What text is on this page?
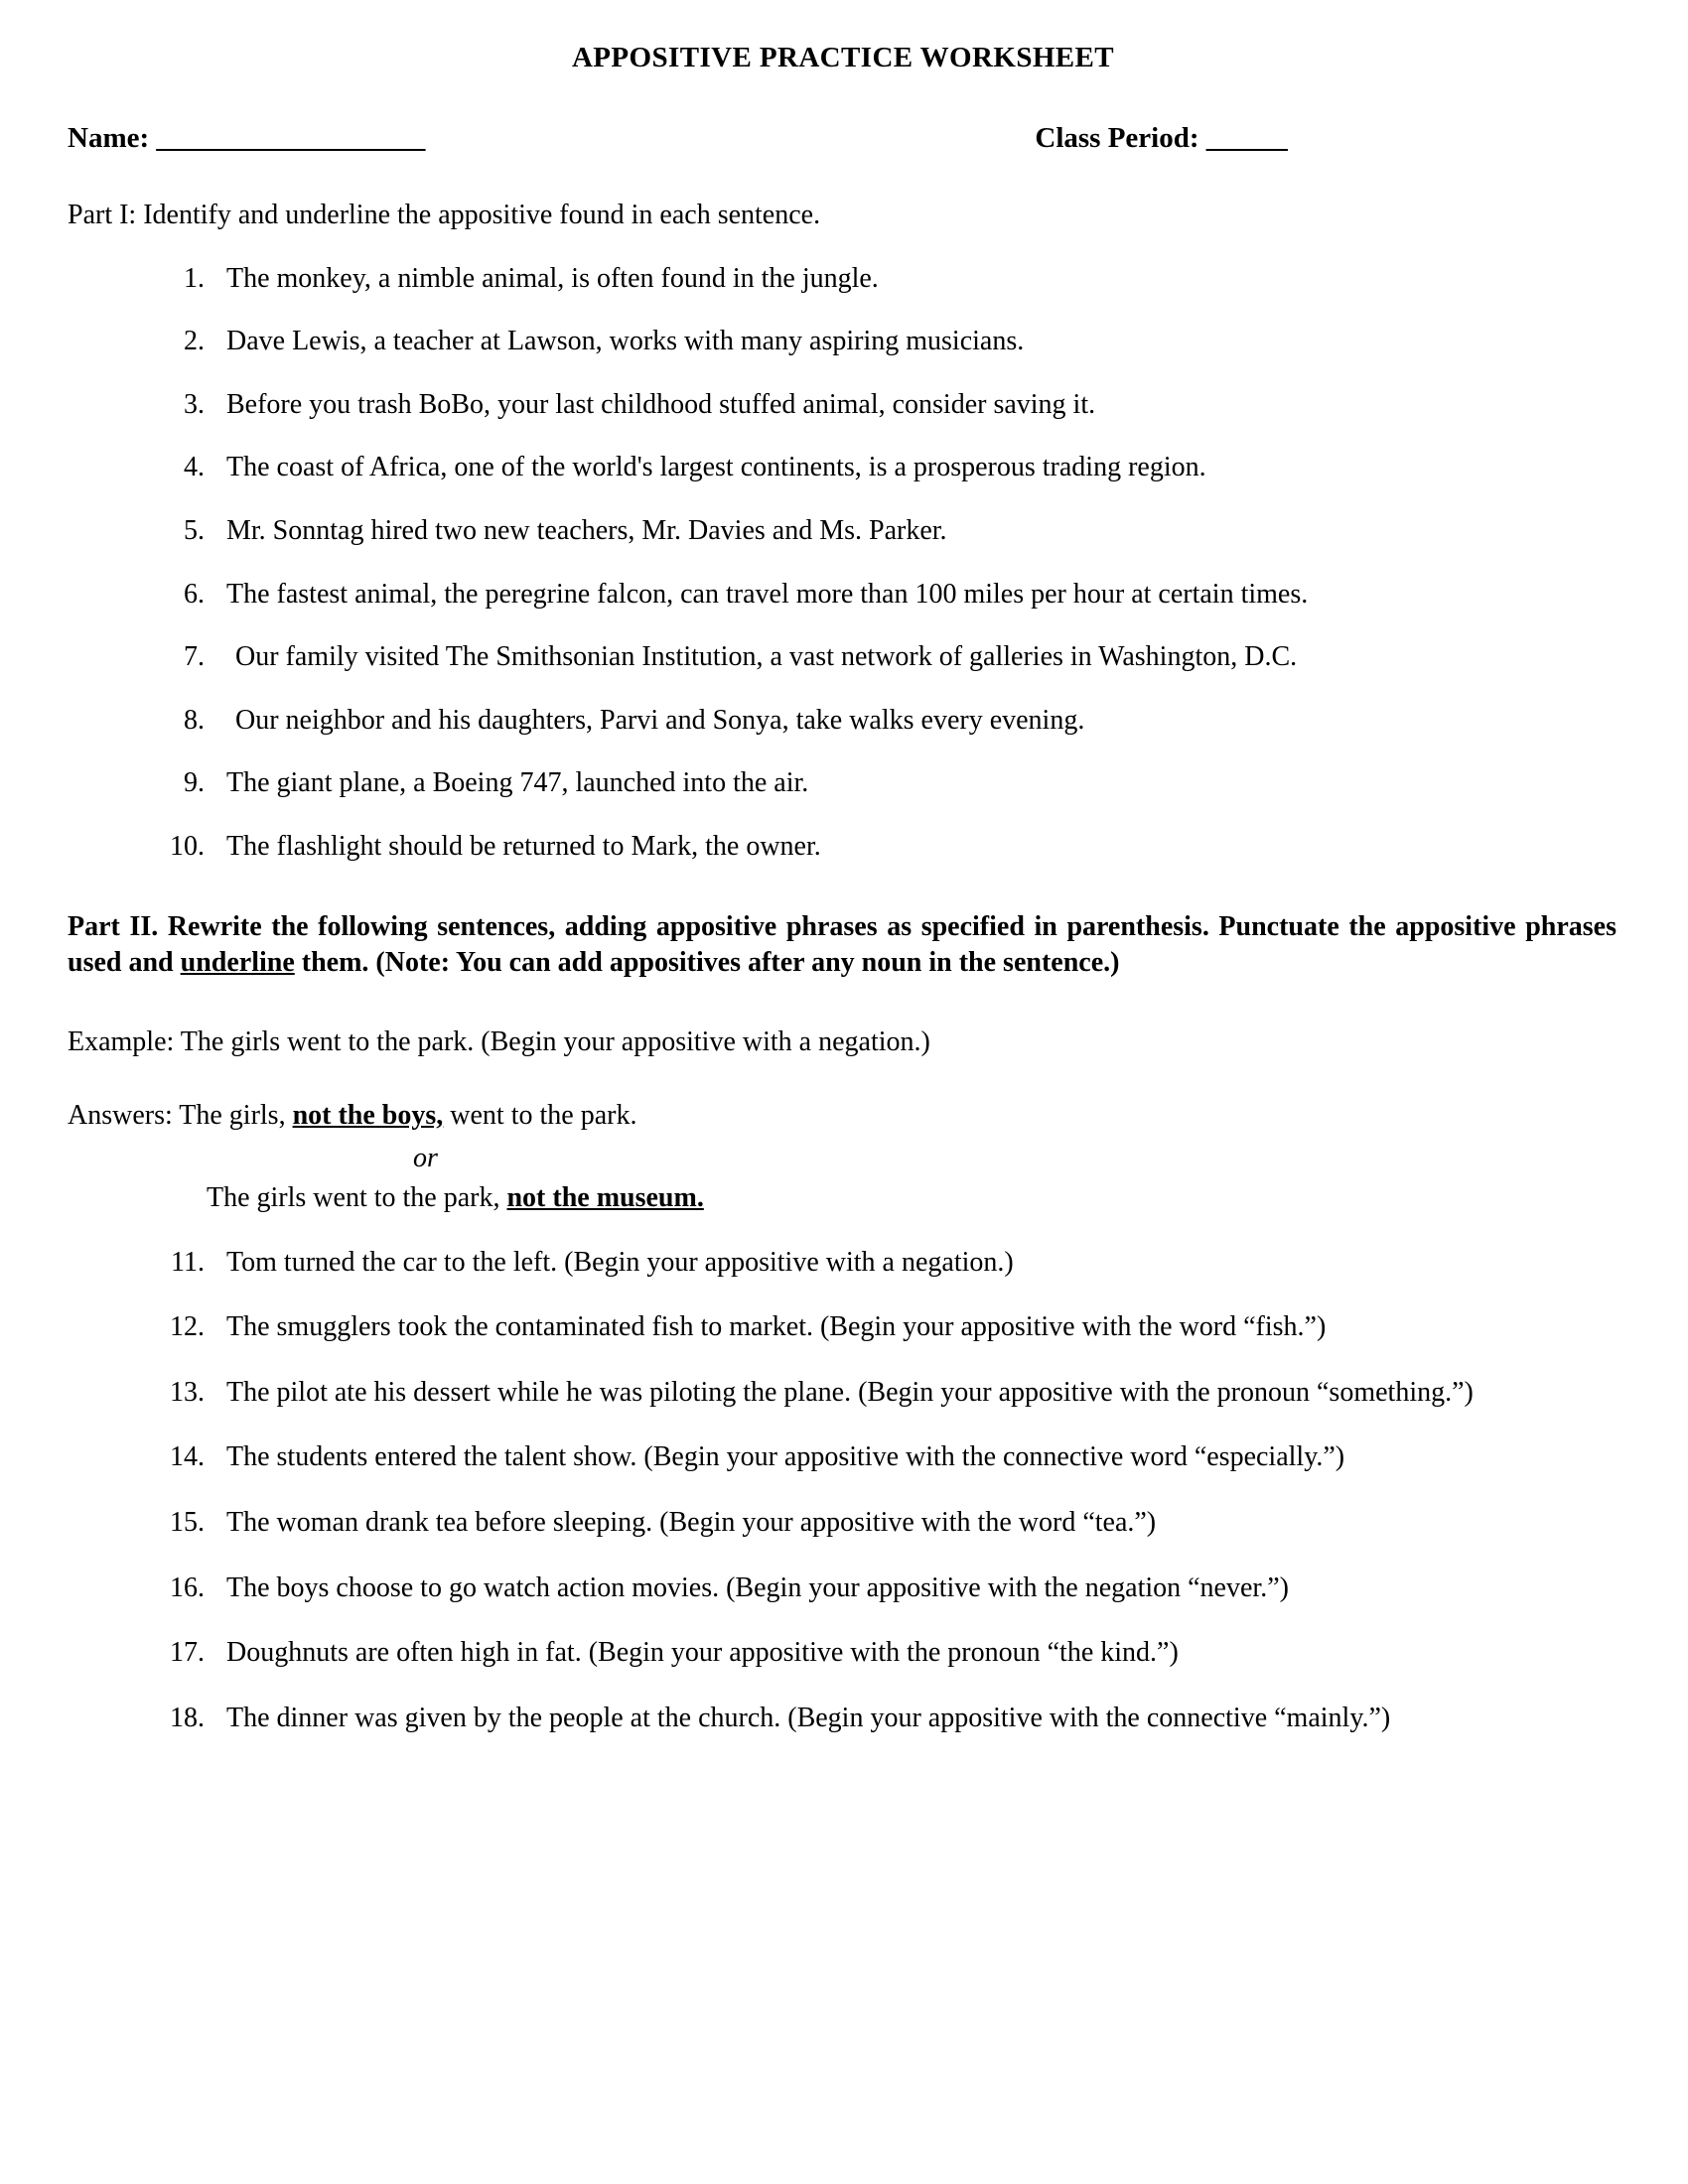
APPOSITIVE PRACTICE WORKSHEET
Name: ____________________	Class Period: ______
Part I: Identify and underline the appositive found in each sentence.
1. The monkey, a nimble animal, is often found in the jungle.
2. Dave Lewis, a teacher at Lawson, works with many aspiring musicians.
3. Before you trash BoBo, your last childhood stuffed animal, consider saving it.
4. The coast of Africa, one of the world's largest continents, is a prosperous trading region.
5. Mr. Sonntag hired two new teachers, Mr. Davies and Ms. Parker.
6. The fastest animal, the peregrine falcon, can travel more than 100 miles per hour at certain times.
7.	Our family visited The Smithsonian Institution, a vast network of galleries in Washington, D.C.
8.	Our neighbor and his daughters, Parvi and Sonya, take walks every evening.
9. The giant plane, a Boeing 747, launched into the air.
10. The flashlight should be returned to Mark, the owner.
Part II. Rewrite the following sentences, adding appositive phrases as specified in parenthesis. Punctuate the appositive phrases used and underline them. (Note: You can add appositives after any noun in the sentence.)
Example: The girls went to the park. (Begin your appositive with a negation.)
Answers: The girls, not the boys, went to the park.
or
The girls went to the park, not the museum.
11. Tom turned the car to the left. (Begin your appositive with a negation.)
12. The smugglers took the contaminated fish to market. (Begin your appositive with the word “fish.”)
13. The pilot ate his dessert while he was piloting the plane. (Begin your appositive with the pronoun “something.”)
14. The students entered the talent show. (Begin your appositive with the connective word “especially.”)
15. The woman drank tea before sleeping. (Begin your appositive with the word “tea.”)
16. The boys choose to go watch action movies. (Begin your appositive with the negation “never.”)
17. Doughnuts are often high in fat. (Begin your appositive with the pronoun “the kind.”)
18. The dinner was given by the people at the church. (Begin your appositive with the connective “mainly.”)
